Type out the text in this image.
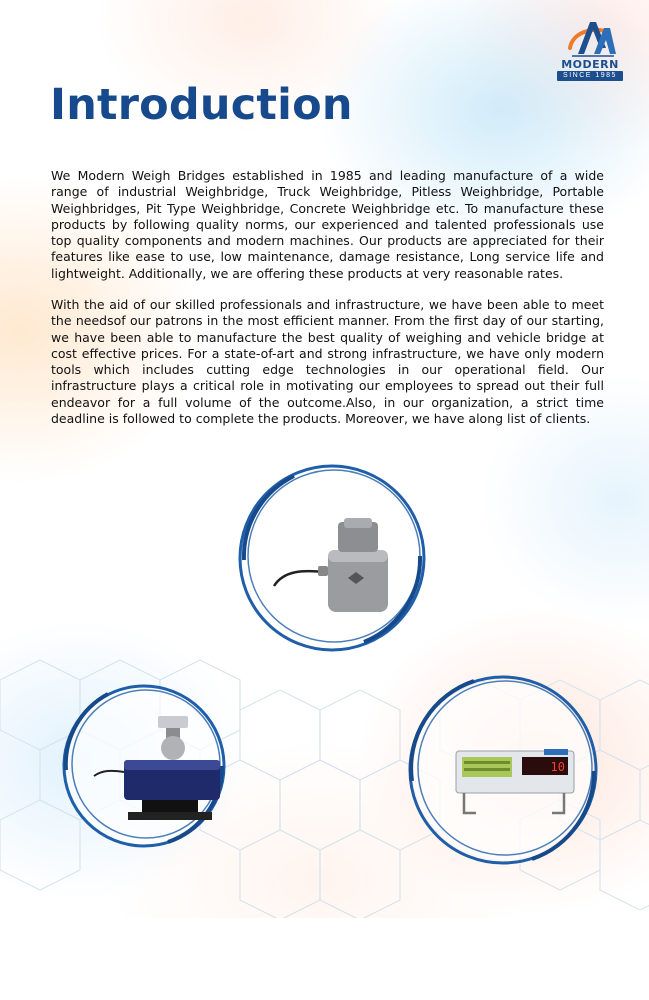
MODERN
SINCE 1985
Introduction

We Modern Weigh Bridges established in 1985 and leading manufacture of a wide range of industrial Weighbridge, Truck Weighbridge, Pitless Weighbridge, Portable Weighbridges, Pit Type Weighbridge, Concrete Weighbridge etc. To manufacture these products by following quality norms, our experienced and talented professionals use top quality components and modern machines. Our products are appreciated for their features like ease to use, low maintenance, damage resistance, Long service life and lightweight. Additionally, we are offering these products at very reasonable rates.

With the aid of our skilled professionals and infrastructure, we have been able to meet the needsof our patrons in the most efficient manner. From the first day of our starting, we have been able to manufacture the best quality of weighing and vehicle bridge at cost effective prices. For a state-of-art and strong infrastructure, we have only modern tools which includes cutting edge technologies in our operational field. Our infrastructure plays a critical role in motivating our employees to spread out their full endeavor for a full volume of the outcome.Also, in our organization, a strict time deadline is followed to complete the products. Moreover, we have along list of clients.

10
